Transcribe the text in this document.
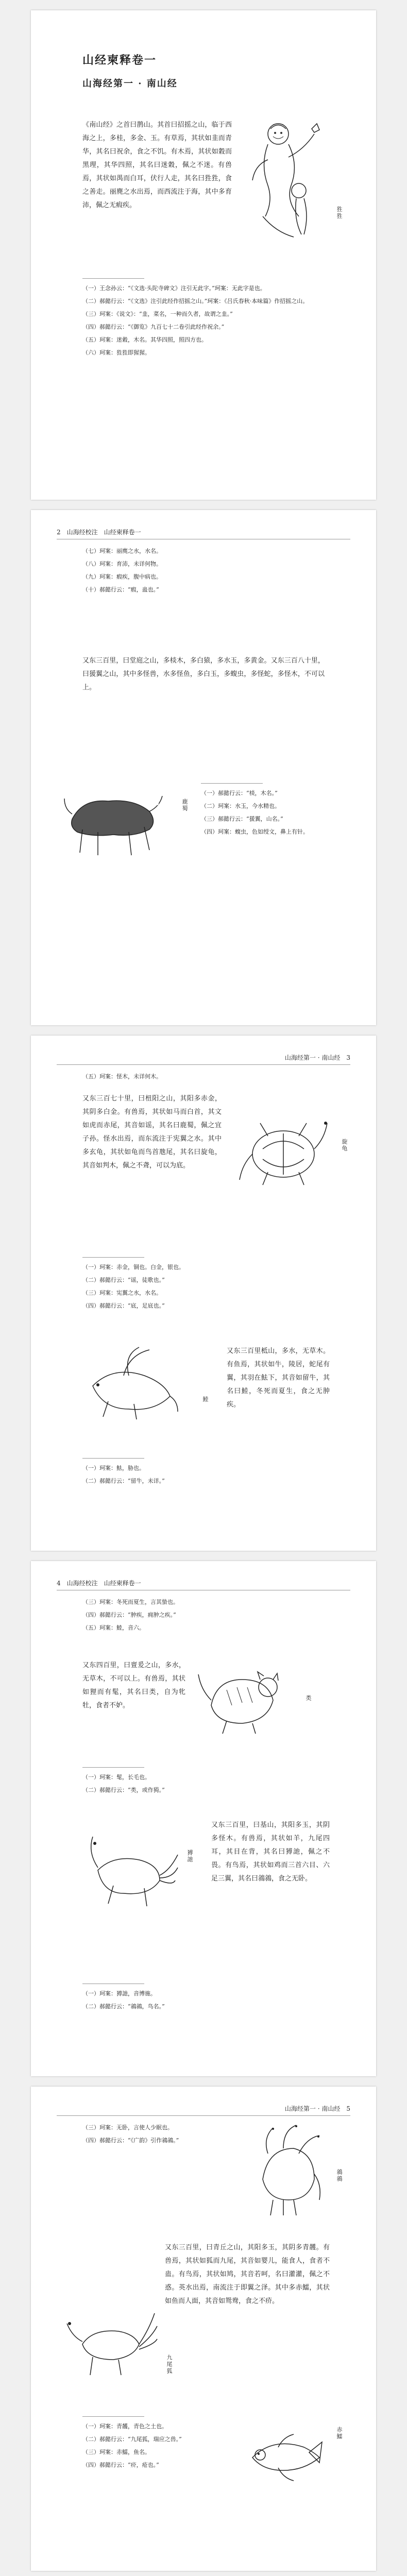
山经柬释卷一
山海经第一 · 南山经
《南山经》之首曰鹊山。其首曰招摇之山，临于西海之上，多桂，多金、玉。有草焉，其状如韭而青华，其名曰祝余，食之不饥。有木焉，其状如穀而黑理，其华四照，其名曰迷穀，佩之不迷。有兽焉，其状如禺而白耳，伏行人走，其名曰狌狌，食之善走。丽麂之水出焉，而西流注于海，其中多育沛，佩之无瘕疾。
狌狌

（一）王念孙云：“《文选·头陀寺碑文》注引无此字。”珂案：无此字是也。

（二）郝懿行云：“《文选》注引此经作招摇之山。”珂案：《吕氏春秋·本味篇》作招摇之山。

（三）珂案：《说文》：“韭，菜名，一种而久者，故谓之韭。”

（四）郝懿行云：“《御览》九百七十二卷引此经作祝余。”

（五）珂案：迷穀，木名。其华四照，照四方也。

（六）珂案：狌狌即猩猩。

2　山海经校注　山经柬释卷一

（七）珂案：丽麂之水，水名。

（八）珂案：育沛，未详何物。

（九）珂案：瘕疾，腹中病也。

（十）郝懿行云：“瘕，蛊也。”

又东三百里，曰堂庭之山，多棪木，多白猿，多水玉，多黄金。又东三百八十里，曰猨翼之山，其中多怪兽，水多怪鱼，多白玉，多蝮虫，多怪蛇，多怪木，不可以上。
鹿蜀

（一）郝懿行云：“棪，木名。”

（二）珂案：水玉，今水精也。

（三）郝懿行云：“猨翼，山名。”

（四）珂案：蝮虫，色如绶文，鼻上有针。

山海经第一 · 南山经　3

（五）珂案：怪木，未详何木。

又东三百七十里，曰杻阳之山，其阳多赤金，其阴多白金。有兽焉，其状如马而白首，其文如虎而赤尾，其音如谣，其名曰鹿蜀，佩之宜子孙。怪水出焉，而东流注于宪翼之水。其中多玄龟，其状如龟而鸟首虺尾，其名曰旋龟，其音如判木，佩之不聋，可以为底。
旋龟

（一）珂案：赤金，铜也。白金，银也。

（二）郝懿行云：“谣，徒歌也。”

（三）珂案：宪翼之水，水名。

（四）郝懿行云：“底，足底也。”

鯥
又东三百里柢山，多水，无草木。有鱼焉，其状如牛，陵居，蛇尾有翼，其羽在魼下，其音如留牛，其名曰鯥，冬死而夏生，食之无肿疾。

（一）珂案：魼，胁也。

（二）郝懿行云：“留牛，未详。”

4　山海经校注　山经柬释卷一

（三）珂案：冬死而夏生，言其蛰也。

（四）郝懿行云：“肿疾，痈肿之疾。”

（五）珂案：鯥，音六。

又东四百里，曰亶爰之山，多水，无草木，不可以上。有兽焉，其状如狸而有髦，其名曰类，自为牝牡，食者不妒。
类

（一）珂案：髦，长毛也。

（二）郝懿行云：“类，或作㺃。”

猼訑
又东三百里，曰基山，其阳多玉，其阴多怪木。有兽焉，其状如羊，九尾四耳，其目在背，其名曰猼訑，佩之不畏。有鸟焉，其状如鸡而三首六目、六足三翼，其名曰䳜䳜，食之无卧。

（一）珂案：猼訑，音博施。

（二）郝懿行云：“䳜䳜，鸟名。”

山海经第一 · 南山经　5

（三）珂案：无卧，言使人少眠也。

（四）郝懿行云：“《广韵》引作䳜䳜。”

䳜䳜
又东三百里，曰青丘之山，其阳多玉，其阴多青䨼。有兽焉，其状如狐而九尾，其音如婴儿，能食人，食者不蛊。有鸟焉，其状如鸠，其音若呵，名曰灌灌，佩之不惑。英水出焉，南流注于即翼之泽。其中多赤鱬，其状如鱼而人面，其音如鸳鸯，食之不疥。
九尾狐
赤鱬

（一）珂案：青䨼，青色之土也。

（二）郝懿行云：“九尾狐，瑞应之兽。”

（三）珂案：赤鱬，鱼名。

（四）郝懿行云：“疥，疮也。”
